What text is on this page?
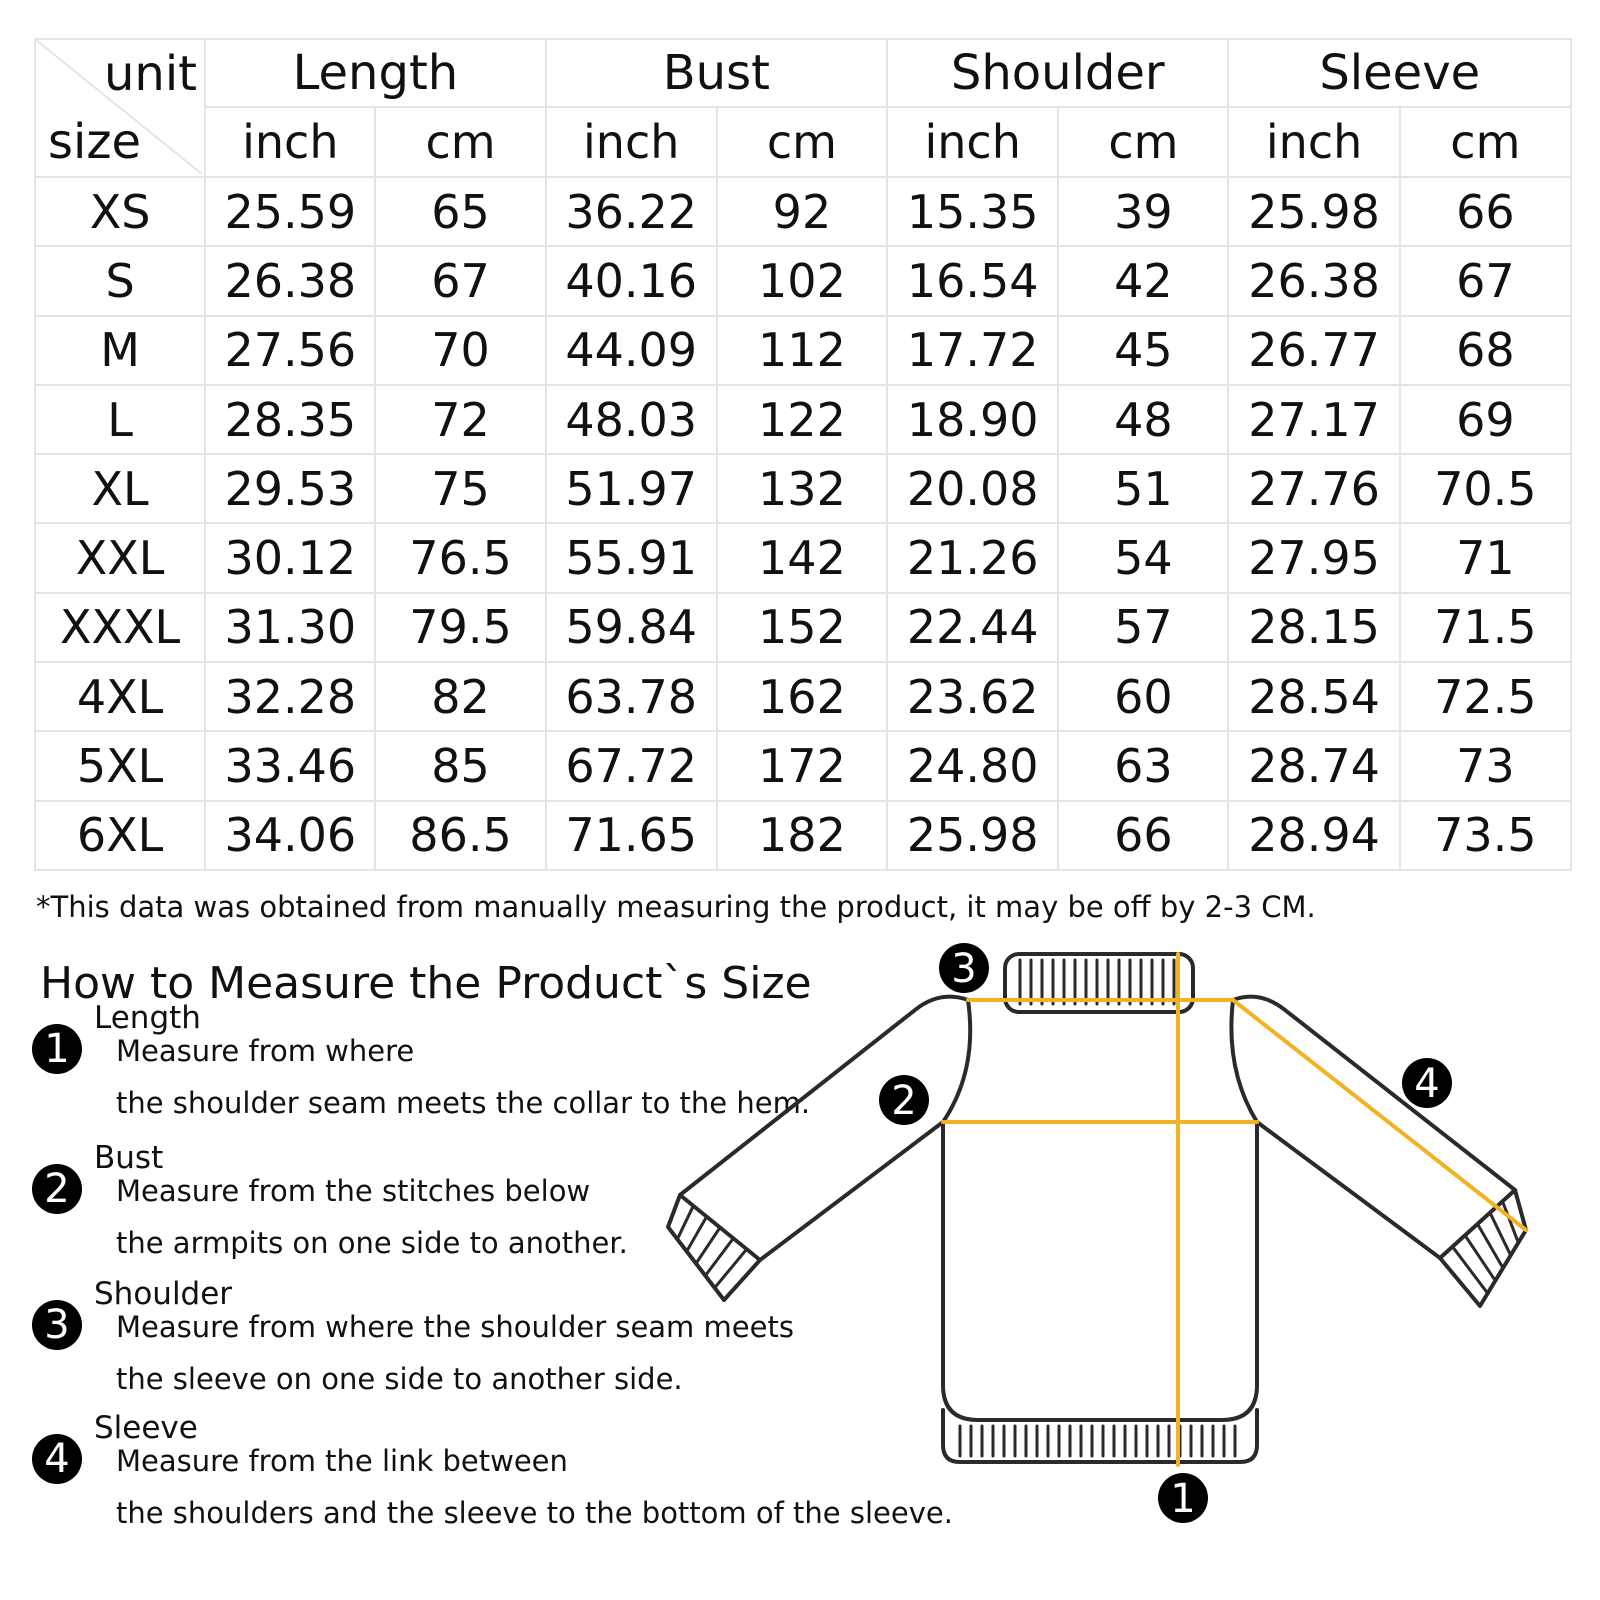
unit
size	Length		Bust		Shoulder		Sleeve	
	inch	cm	inch	cm	inch	cm	inch	cm
XS	25.59	65	36.22	92	15.35	39	25.98	66
S	26.38	67	40.16	102	16.54	42	26.38	67
M	27.56	70	44.09	112	17.72	45	26.77	68
L	28.35	72	48.03	122	18.90	48	27.17	69
XL	29.53	75	51.97	132	20.08	51	27.76	70.5
XXL	30.12	76.5	55.91	142	21.26	54	27.95	71
XXXL	31.30	79.5	59.84	152	22.44	57	28.15	71.5
4XL	32.28	82	63.78	162	23.62	60	28.54	72.5
5XL	33.46	85	67.72	172	24.80	63	28.74	73
6XL	34.06	86.5	71.65	182	25.98	66	28.94	73.5
*This data was obtained from manually measuring the product, it may be off by 2-3 CM.
How to Measure the Product`s Size
1
Length
Measure from where
the shoulder seam meets the collar to the hem.
2
Bust
Measure from the stitches below
the armpits on one side to another.
3
Shoulder
Measure from where the shoulder seam meets
the sleeve on one side to another side.
4
Sleeve
Measure from the link between
the shoulders and the sleeve to the bottom of the sleeve.	1
2
3
4
